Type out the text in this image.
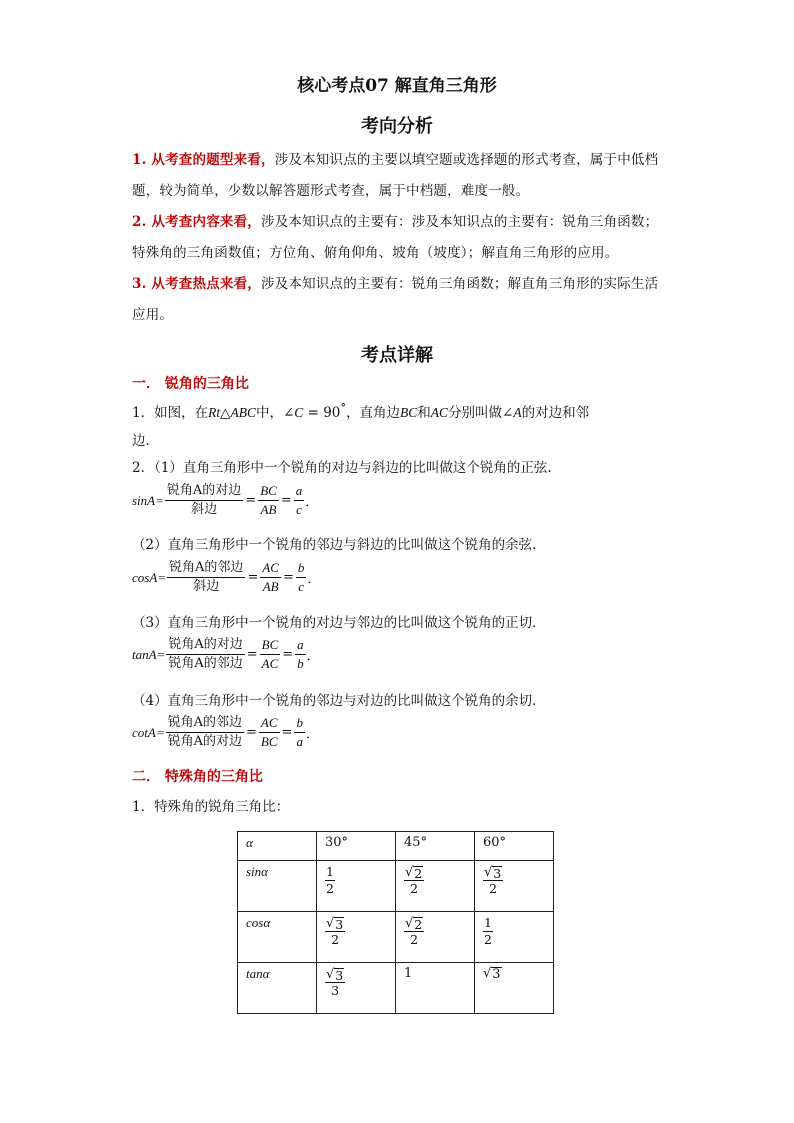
核心考点07 解直角三角形
考向分析
1. 从考查的题型来看，涉及本知识点的主要以填空题或选择题的形式考查，属于中低档题，较为简单，少数以解答题形式考查，属于中档题，难度一般。
2. 从考查内容来看，涉及本知识点的主要有：涉及本知识点的主要有：锐角三角函数；特殊角的三角函数值；方位角、俯角仰角、坡角（坡度）；解直角三角形的应用。
3. 从考查热点来看，涉及本知识点的主要有：锐角三角函数；解直角三角形的实际生活应用。
考点详解
一． 锐角的三角比
1．如图，在Rt△ABC中，∠C = 90°，直角边BC和AC分别叫做∠A的对边和邻
边．
2．（1）直角三角形中一个锐角的对边与斜边的比叫做这个锐角的正弦．
$\sin A= \frac{\text{锐角A的对边}}{\text{斜边}} = \frac{BC}{AB} = \frac{a}{c}$ ．
（2）直角三角形中一个锐角的邻边与斜边的比叫做这个锐角的余弦．
$\cos A= \frac{\text{锐角A的邻边}}{\text{斜边}} = \frac{AC}{AB} = \frac{b}{c}$ ．
（3）直角三角形中一个锐角的对边与邻边的比叫做这个锐角的正切．
$\tan A= \frac{\text{锐角A的对边}}{\text{锐角A的邻边}} = \frac{BC}{AC} = \frac{a}{b}$ ．
（4）直角三角形中一个锐角的邻边与对边的比叫做这个锐角的余切．
$\cot A= \frac{\text{锐角A的邻边}}{\text{锐角A的对边}} = \frac{AC}{BC} = \frac{b}{a}$ ．
二． 特殊角的三角比
1．特殊角的锐角三角比：
α	30°	45°	60°
sinα	$\frac{1}{2}$	$\frac{√ 2}{2}$	$\frac{√ 3}{2}$

cosα	$\frac{√ 3}{2}$	$\frac{√ 2}{2}$	$\frac{1}{2}$

tanα	$\frac{√ 3}{3}$	1	√ 3
